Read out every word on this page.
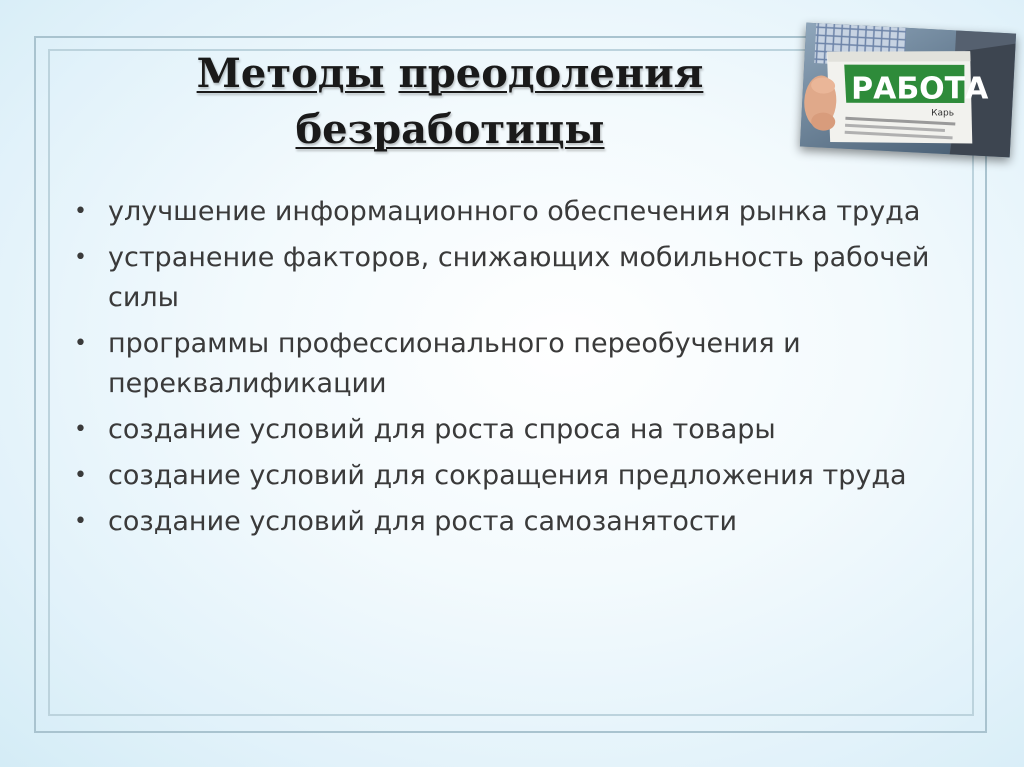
Методы преодоления
безработицы
• улучшение информационного обеспечения рынка труда
• устранение факторов, снижающих мобильность рабочей силы
• программы профессионального переобучения и переквалификации
• создание условий для роста спроса на товары
• создание условий для сокращения предложения труда
• создание условий для роста самозанятости
РАБОТА
Карь
